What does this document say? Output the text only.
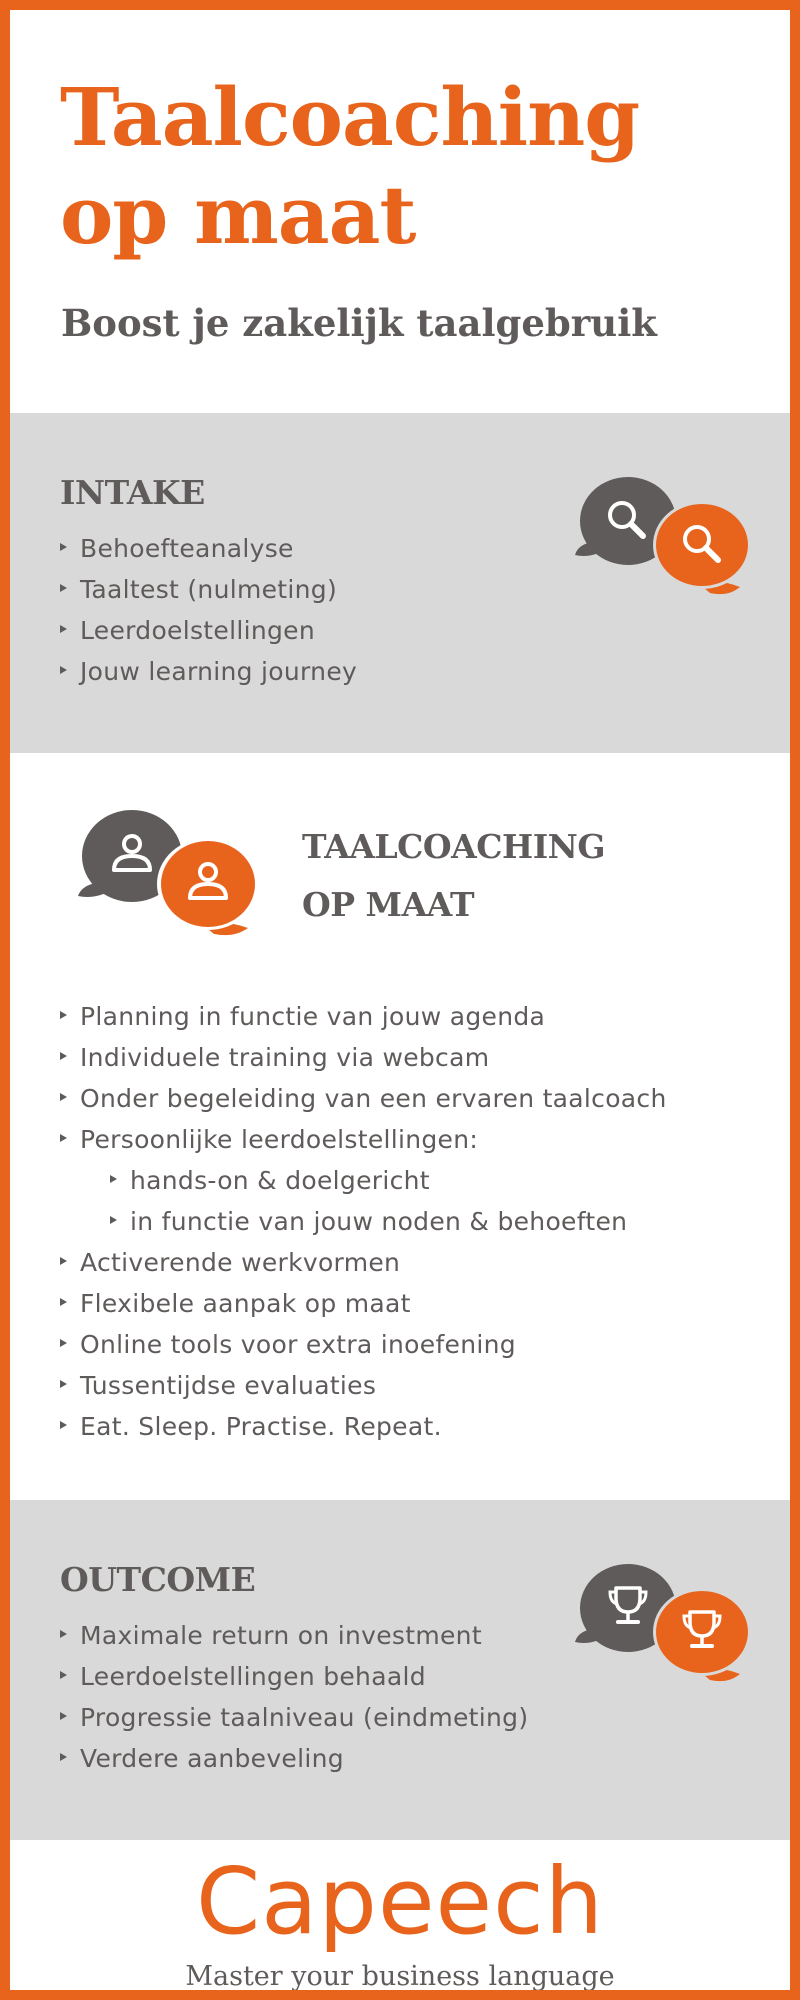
Taalcoaching
op maat
Boost je zakelijk taalgebruik
INTAKE
Behoefteanalyse
Taaltest (nulmeting)
Leerdoelstellingen
Jouw learning journey
TAALCOACHING
OP MAAT
Planning in functie van jouw agenda
Individuele training via webcam
Onder begeleiding van een ervaren taalcoach
Persoonlijke leerdoelstellingen:
hands-on & doelgericht
in functie van jouw noden & behoeften
Activerende werkvormen
Flexibele aanpak op maat
Online tools voor extra inoefening
Tussentijdse evaluaties
Eat. Sleep. Practise. Repeat.
OUTCOME
Maximale return on investment
Leerdoelstellingen behaald
Progressie taalniveau (eindmeting)
Verdere aanbeveling
Capeech
Master your business language
